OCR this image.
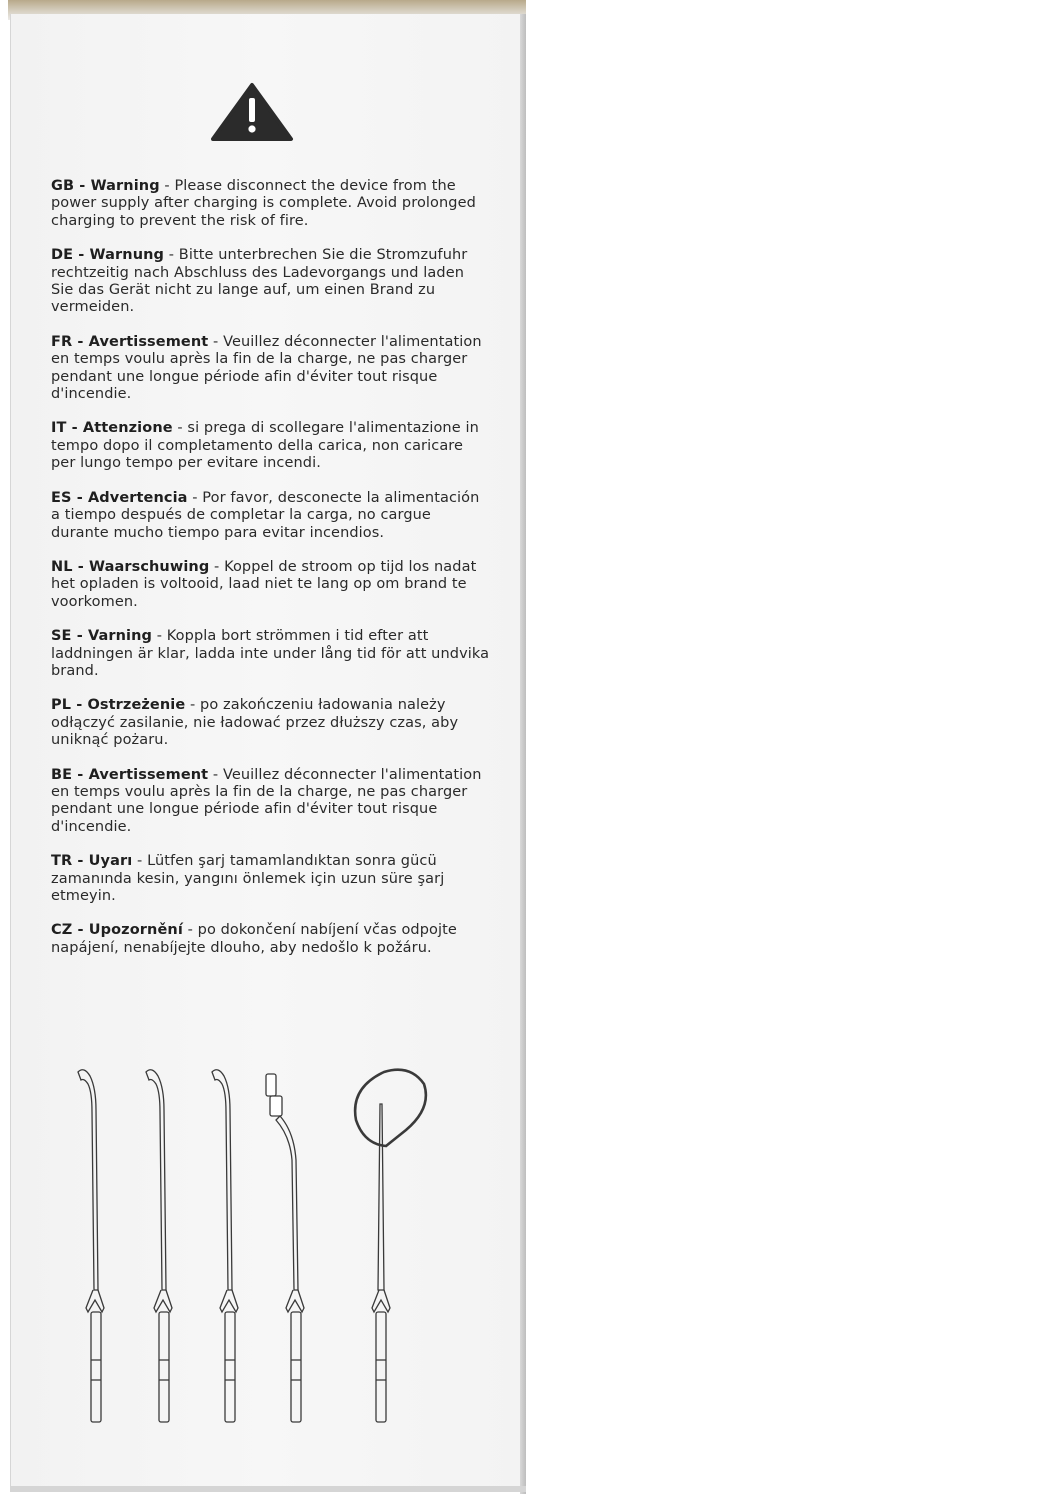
GB - Warning - Please disconnect the device from the power supply after charging is complete. Avoid prolonged charging to prevent the risk of fire.

DE - Warnung - Bitte unterbrechen Sie die Stromzufuhr rechtzeitig nach Abschluss des Ladevorgangs und laden Sie das Gerät nicht zu lange auf, um einen Brand zu vermeiden.

FR - Avertissement - Veuillez déconnecter l'alimentation en temps voulu après la fin de la charge, ne pas charger pendant une longue période afin d'éviter tout risque d'incendie.

IT - Attenzione - si prega di scollegare l'alimentazione in tempo dopo il completamento della carica, non caricare per lungo tempo per evitare incendi.

ES - Advertencia - Por favor, desconecte la alimentación a tiempo después de completar la carga, no cargue durante mucho tiempo para evitar incendios.

NL - Waarschuwing - Koppel de stroom op tijd los nadat het opladen is voltooid, laad niet te lang op om brand te voorkomen.

SE - Varning - Koppla bort strömmen i tid efter att laddningen är klar, ladda inte under lång tid för att undvika brand.

PL - Ostrzeżenie - po zakończeniu ładowania należy odłączyć zasilanie, nie ładować przez dłuższy czas, aby uniknąć pożaru.

BE - Avertissement - Veuillez déconnecter l'alimentation en temps voulu après la fin de la charge, ne pas charger pendant une longue période afin d'éviter tout risque d'incendie.

TR - Uyarı - Lütfen şarj tamamlandıktan sonra gücü zamanında kesin, yangını önlemek için uzun süre şarj etmeyin.

CZ - Upozornění - po dokončení nabíjení včas odpojte napájení, nenabíjejte dlouho, aby nedošlo k požáru.
